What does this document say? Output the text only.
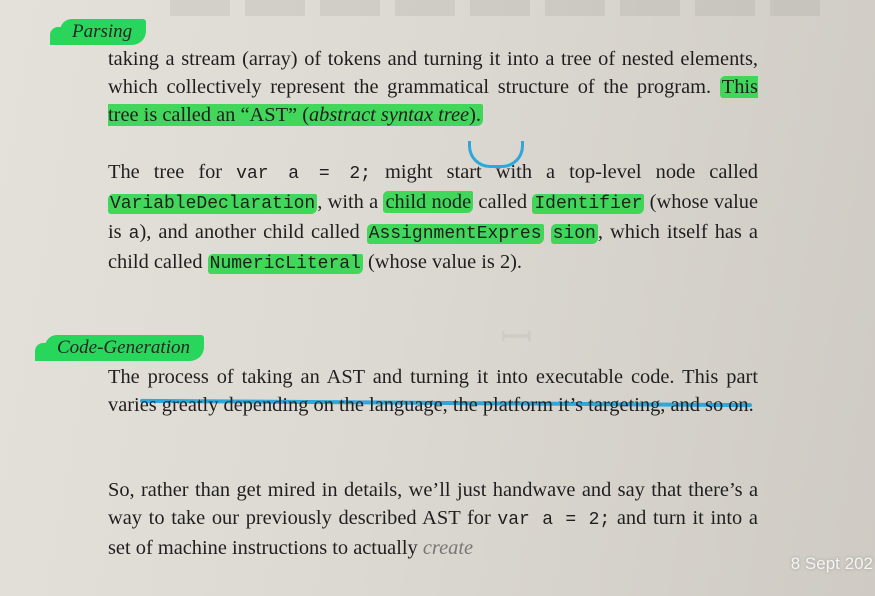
ꟷ
Parsing

taking a stream (array) of tokens and turning it into a tree of nested elements, which collectively represent the grammatical structure of the program. This tree is called an “AST” (abstract syntax tree).

The tree for var a = 2; might start with a top-level node called VariableDeclaration, with a child node called Identifier (whose value is a), and another child called AssignmentExpres sion, which itself has a child called NumericLiteral (whose value is 2).

Code-Generation

The process of taking an AST and turning it into executable code. This part varies greatly depending on the language, the platform it’s targeting, and so on.

So, rather than get mired in details, we’ll just handwave and say that there’s a way to take our previously described AST for var a = 2; and turn it into a set of machine instructions to actually create

8 Sept 202
